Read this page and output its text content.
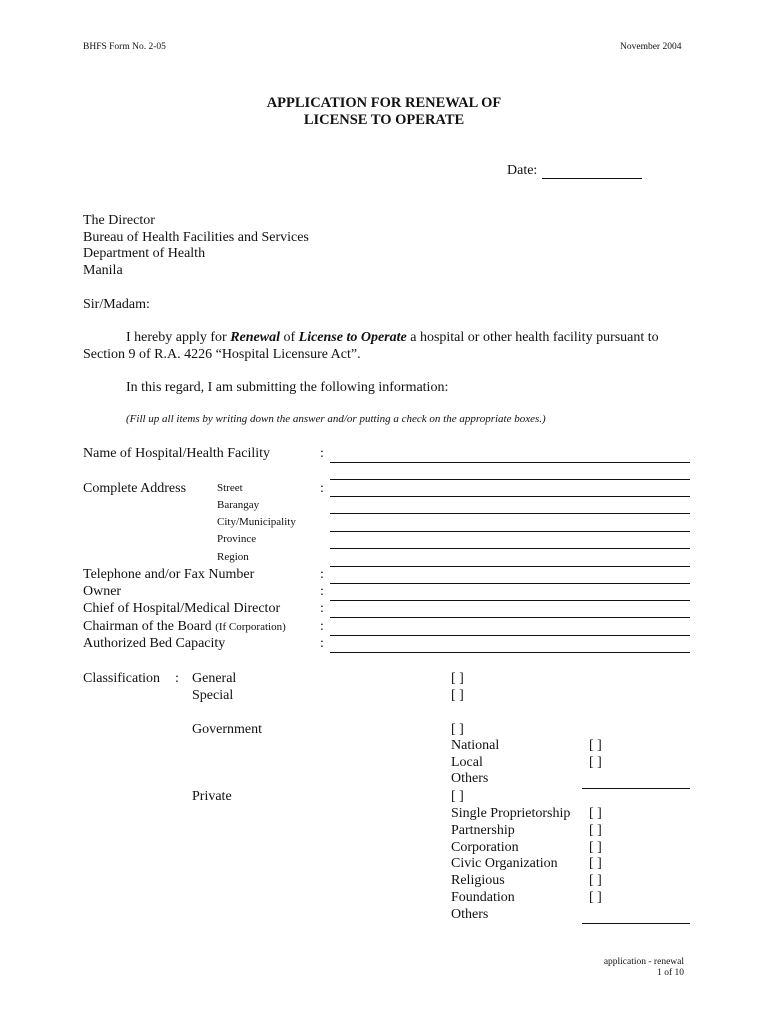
BHFS Form No. 2-05	November 2004
APPLICATION FOR RENEWAL OF
LICENSE TO OPERATE
Date:
The Director
Bureau of Health Facilities and Services
Department of Health
Manila
Sir/Madam:
I hereby apply for Renewal of License to Operate a hospital or other health facility pursuant to
Section 9 of R.A. 4226 “Hospital Licensure Act”.
In this regard, I am submitting the following information:
(Fill up all items by writing down the answer and/or putting a check on the appropriate boxes.)
Name of Hospital/Health Facility	:
Complete Address	Street	:
Barangay
City/Municipality
Province
Region
Telephone and/or Fax Number	:
Owner	:
Chief of Hospital/Medical Director	:
Chairman of the Board (If Corporation) :
Authorized Bed Capacity	:
Classification : General	[ ]
Special	[ ]
Government	[ ]
National	[ ]
Local	[ ]
Others
Private	[ ]
Single Proprietorship [ ]
Partnership	[ ]
Corporation	[ ]
Civic Organization [ ]
Religious	[ ]
Foundation	[ ]
Others
application - renewal
1 of 10
